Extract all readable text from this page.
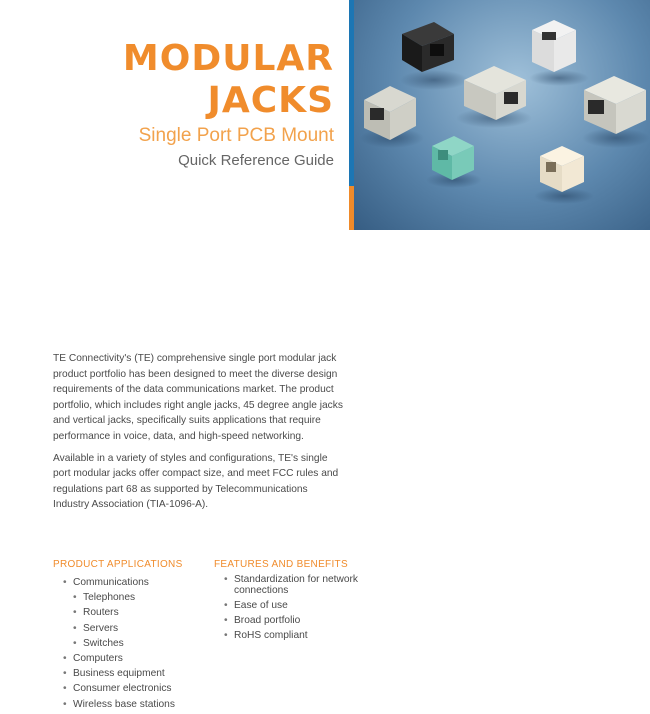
MODULAR
JACKS

Single Port PCB Mount

Quick Reference Guide

TE Connectivity's (TE) comprehensive single port modular jack product portfolio has been designed to meet the diverse design requirements of the data communications market. The product portfolio, which includes right angle jacks, 45 degree angle jacks and vertical jacks, specifically suits applications that require performance in voice, data, and high-speed networking.

Available in a variety of styles and configurations, TE's single port modular jacks offer compact size, and meet FCC rules and regulations part 68 as supported by Telecommunications Industry Association (TIA-1096-A).

PRODUCT APPLICATIONS
• Communications
• Telephones
• Routers
• Servers
• Switches
• Computers
• Business equipment
• Consumer electronics
• Wireless base stations
FEATURES AND BENEFITS
• Standardization for network connections
• Ease of use
• Broad portfolio
• RoHS compliant
